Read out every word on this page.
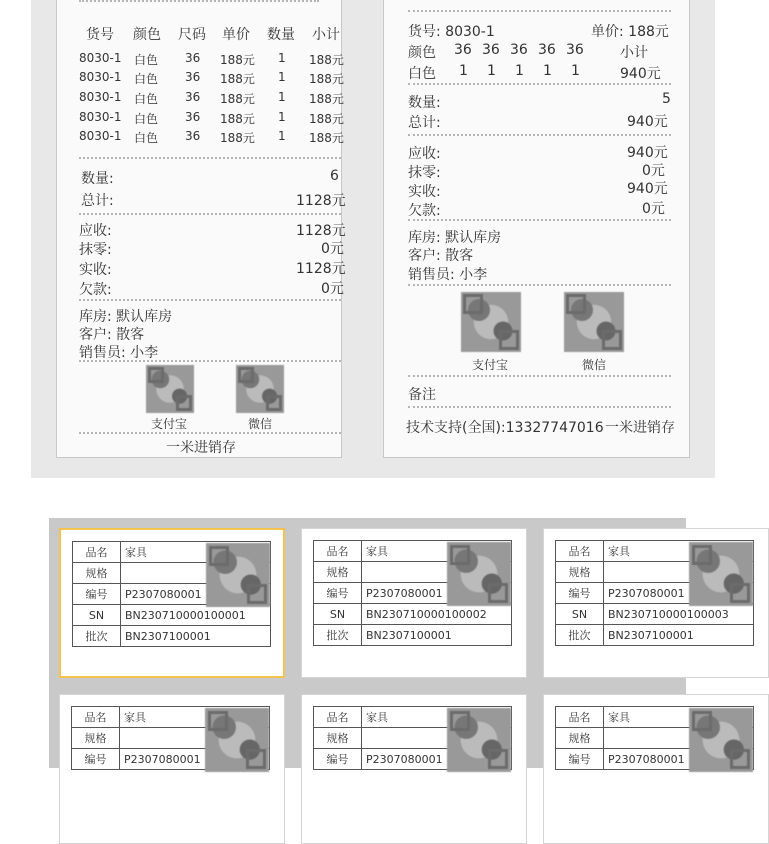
货号 颜色 尺码 单价 数量 小计
8030-1 白色 36 188元 1 188元
8030-1 白色 36 188元 1 188元
8030-1 白色 36 188元 1 188元
8030-1 白色 36 188元 1 188元
8030-1 白色 36 188元 1 188元
数量:	6
总计:	1128元
应收:	1128元
抹零:	0元
实收:	1128元
欠款:	0元
库房: 默认库房
客户: 散客
销售员: 小李
支付宝	微信
一米进销存
货号: 8030-1	单价: 188元
颜色 36 36 36 36 36	小计
白色 1 1 1 1 1	940元
数量:	5
总计:	940元
应收:	940元
抹零:	0元
实收:	940元
欠款:	0元
库房: 默认库房
客户: 散客
销售员: 小李
支付宝	微信
备注
技术支持(全国):13327747016 一米进销存
品名	家具
规格	
编号	P2307080001
SN	BN230710000100001
批次	BN2307100001
品名	家具
规格	
编号	P2307080001
SN	BN230710000100002
批次	BN2307100001
品名	家具
规格	
编号	P2307080001
SN	BN230710000100003
批次	BN2307100001
品名	家具
规格	
编号	P2307080001
品名	家具
规格	
编号	P2307080001
品名	家具
规格	
编号	P2307080001
